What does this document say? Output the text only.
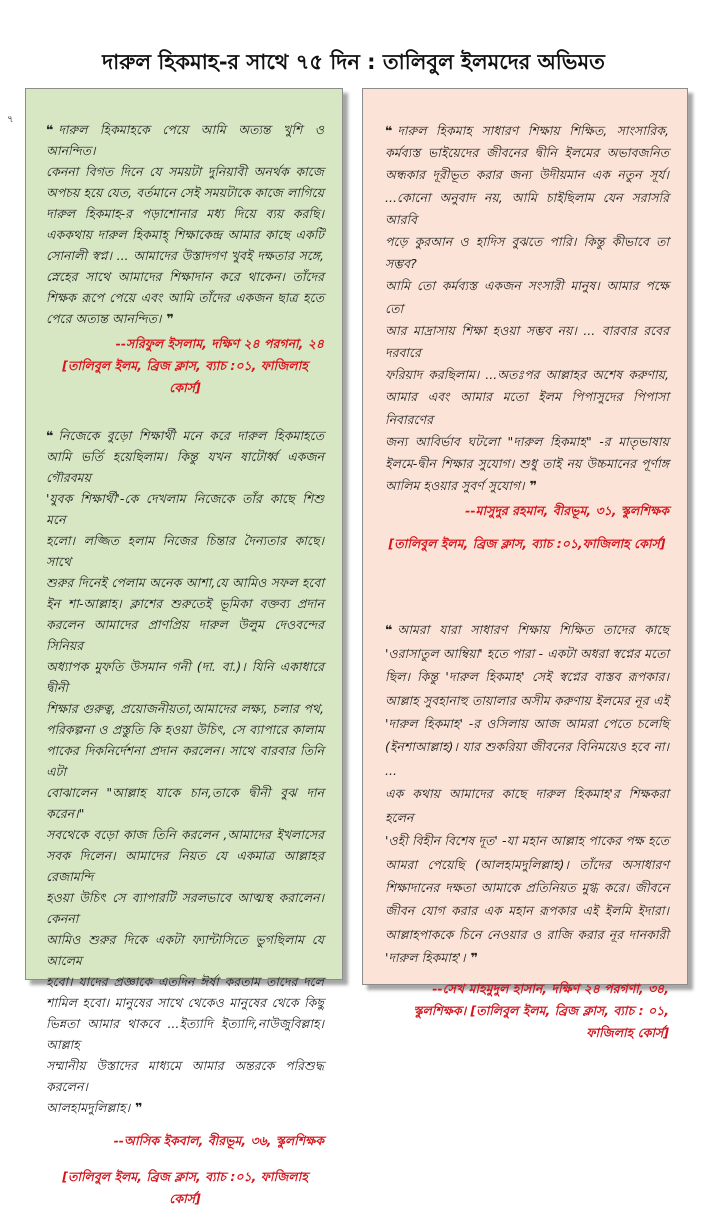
দারুল হিকমাহ-র সাথে ৭৫ দিন : তালিবুল ইলমদের অভিমত
৭
❝ দারুল হিকমাহকে পেয়ে আমি অত্যন্ত খুশি ও আনন্দিত।
কেননা বিগত দিনে যে সময়টা দুনিয়াবী অনর্থক কাজে
অপচয় হয়ে যেত, বর্তমানে সেই সময়টাকে কাজে লাগিয়ে
দারুল হিকমাহ-র পড়াশোনার মধ্য দিয়ে ব্যয় করছি।
এককথায় দারুল হিকমাহ্ শিক্ষাকেন্দ্র আমার কাছে একটি
সোনালী স্বপ্ন। ... আমাদের উস্তাদগণ খুবই দক্ষতার সঙ্গে,
স্নেহের সাথে আমাদের শিক্ষাদান করে থাকেন। তাঁদের
শিক্ষক রূপে পেয়ে এবং আমি তাঁদের একজন ছাত্র হতে
পেরে অত্যন্ত আনন্দিত। ❞
--সরিফুল ইসলাম, দক্ষিণ ২৪ পরগনা, ২৪
[তালিবুল ইলম, ব্রিজ ক্লাস, ব্যাচ :০১, ফাজিলাহ কোর্স]
❝ নিজেকে বুড়ো শিক্ষার্থী মনে করে দারুল হিকমাহতে
আমি ভর্তি হয়েছিলাম। কিন্তু যখন ষাটোর্ধ্ব একজন গৌরবময়
'যুবক শিক্ষার্থী'-কে দেখলাম নিজেকে তাঁর কাছে শিশু মনে
হলো। লজ্জিত হলাম নিজের চিন্তার দৈন্যতার কাছে। সাথে
শুরুর দিনেই পেলাম অনেক আশা,যে আমিও সফল হবো
ইন শা-আল্লাহ। ক্লাশের শুরুতেই ভূমিকা বক্তব্য প্রদান
করলেন আমাদের প্রাণপ্রিয় দারুল উলুম দেওবন্দের সিনিয়র
অধ্যাপক মুফতি উসমান গনী (দা. বা.)। যিনি একাধারে দ্বীনী
শিক্ষার গুরুত্ব, প্রয়োজনীয়তা,আমাদের লক্ষ্য, চলার পথ,
পরিকল্পনা ও প্রস্তুতি কি হওয়া উচিৎ, সে ব্যাপারে কালাম
পাকের দিকনির্দেশনা প্রদান করলেন। সাথে বারবার তিনি এটা
বোঝালেন "আল্লাহ যাকে চান,তাকে দ্বীনী বুঝ দান করেন।"
সবথেকে বড়ো কাজ তিনি করলেন ,আমাদের ইখলাসের
সবক দিলেন। আমাদের নিয়ত যে একমাত্র আল্লাহর রেজামন্দি
হওয়া উচিৎ সে ব্যাপারটি সরলভাবে আত্মস্থ করালেন। কেননা
আমিও শুরুর দিকে একটা ফ্যান্টাসিতে ভুগছিলাম যে আলেম
হবো। যাদের প্রজ্ঞাকে এতদিন ঈর্ষা করতাম তাদের দলে
শামিল হবো। মানুষের সাথে থেকেও মানুষের থেকে কিছু
ভিন্নতা আমার থাকবে ...ইত্যাদি ইত্যাদি,নাউজুবিল্লাহ।আল্লাহ
সম্মানীয় উস্তাদের মাধ্যমে আমার অন্তরকে পরিশুদ্ধ করলেন।
আলহামদুলিল্লাহ। ❞
--আসিক ইকবাল, বীরভূম, ৩৬, স্কুলশিক্ষক
[তালিবুল ইলম, ব্রিজ ক্লাস, ব্যাচ :০১, ফাজিলাহ কোর্স]
❝ দারুল হিকমাহ সাধারণ শিক্ষায় শিক্ষিত, সাংসারিক,
কর্মব্যস্ত ভাইয়েদের জীবনের দ্বীনি ইলমের অভাবজনিত
অন্ধকার দূরীভূত করার জন্য উদীয়মান এক নতুন সূর্য।
...কোনো অনুবাদ নয়, আমি চাইছিলাম যেন সরাসরি আরবি
পড়ে কুরআন ও হাদিস বুঝতে পারি। কিন্তু কীভাবে তা সম্ভব?
আমি তো কর্মব্যস্ত একজন সংসারী মানুষ। আমার পক্ষে তো
আর মাদ্রাসায় শিক্ষা হওয়া সম্ভব নয়। ... বারবার রবের দরবারে
ফরিয়াদ করছিলাম। ...অতঃপর আল্লাহর অশেষ করুণায়,
আমার এবং আমার মতো ইলম পিপাসুদের পিপাসা নিবারণের
জন্য আবির্ভাব ঘটলো "দারুল হিকমাহ" -র মাতৃভাষায়
ইলমে-দ্বীন শিক্ষার সুযোগ। শুধু তাই নয় উচ্চমানের পূর্ণাঙ্গ
আলিম হওয়ার সুবর্ণ সুযোগ। ❞
--মাসুদুর রহমান, বীরভূম, ৩১, স্কুলশিক্ষক
[তালিবুল ইলম, ব্রিজ ক্লাস, ব্যাচ :০১,ফাজিলাহ কোর্স]
❝ আমরা যারা সাধারণ শিক্ষায় শিক্ষিত তাদের কাছে
'ওরাসাতুল আম্বিয়া' হতে পারা - একটা অধরা স্বপ্নের মতো
ছিল। কিন্তু 'দারুল হিকমাহ' সেই স্বপ্নের বাস্তব রূপকার।
আল্লাহ সুবহানাহু তায়ালার অসীম করুণায় ইলমের নূর এই
'দারুল হিকমাহ' -র ওসিলায় আজ আমরা পেতে চলেছি
(ইনশাআল্লাহ)। যার শুকরিয়া জীবনের বিনিময়েও হবে না। ...
এক কথায় আমাদের কাছে দারুল হিকমাহ'র শিক্ষকরা হলেন
'ওহী বিহীন বিশেষ দূত' -যা মহান আল্লাহ পাকের পক্ষ হতে
আমরা পেয়েছি (আলহামদুলিল্লাহ)। তাঁদের অসাধারণ
শিক্ষাদানের দক্ষতা আমাকে প্রতিনিয়ত মুগ্ধ করে। জীবনে
জীবন যোগ করার এক মহান রূপকার এই ইলমি ইদারা।
আল্লাহপাককে চিনে নেওয়ার ও রাজি করার নূর দানকারী
'দারুল হিকমাহ'। ❞
--সেখ মাহমুদুল হাসান, দক্ষিণ ২৪ পরগণা, ৩৪, স্কুলশিক্ষক। [তালিবুল ইলম, ব্রিজ ক্লাস, ব্যাচ : ০১, ফাজিলাহ কোর্স]
